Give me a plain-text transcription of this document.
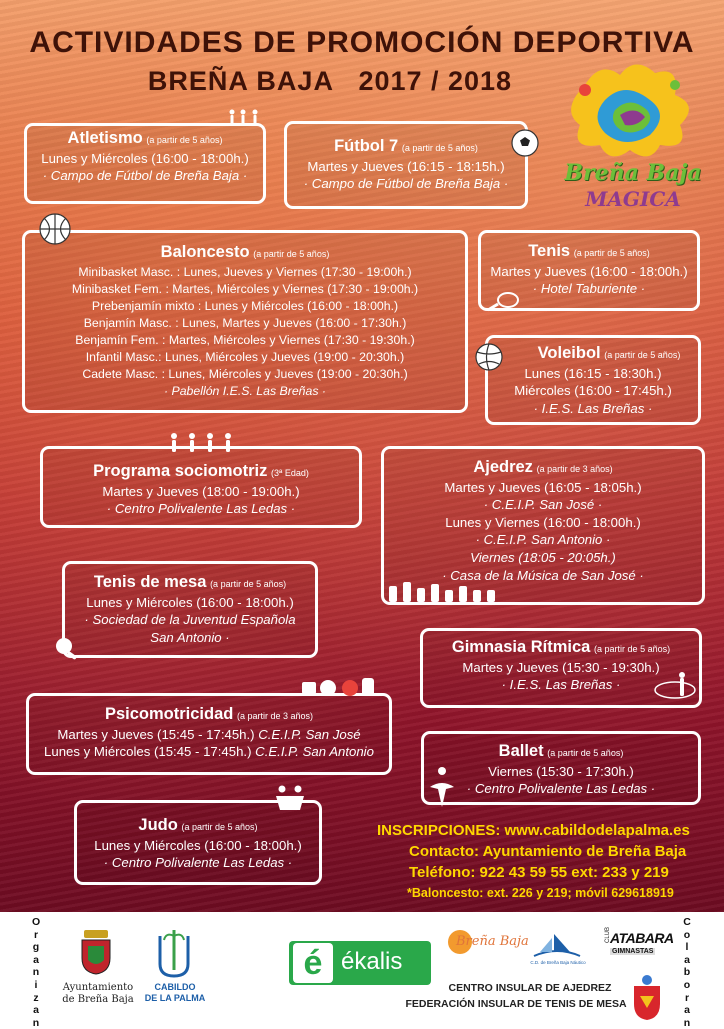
ACTIVIDADES DE PROMOCIÓN DEPORTIVA
BREÑA BAJA   2017 / 2018
Breña Baja
MAGICA
Atletismo (a partir de 5 años)
Lunes y Miércoles (16:00 - 18:00h.)
· Campo de Fútbol de Breña Baja ·
Fútbol 7 (a partir de 5 años)
Martes y Jueves (16:15 - 18:15h.)
· Campo de Fútbol de Breña Baja ·
Baloncesto (a partir de 5 años)
Minibasket Masc. : Lunes, Jueves y Viernes (17:30 - 19:00h.)
Minibasket Fem. : Martes, Miércoles y Viernes (17:30 - 19:00h.)
Prebenjamín mixto : Lunes y Miércoles (16:00 - 18:00h.)
Benjamín Masc. : Lunes, Martes y Jueves (16:00 - 17:30h.)
Benjamín Fem. : Martes, Miércoles y Viernes (17:30 - 19:30h.)
Infantil Masc.: Lunes, Miércoles y Jueves (19:00 - 20:30h.)
Cadete Masc. : Lunes, Miércoles y Jueves (19:00 - 20:30h.)
· Pabellón I.E.S. Las Breñas ·
Tenis (a partir de 5 años)
Martes y Jueves (16:00 - 18:00h.)
· Hotel Taburiente ·
Voleibol (a partir de 5 años)
Lunes (16:15 - 18:30h.)
Miércoles (16:00 - 17:45h.)
· I.E.S. Las Breñas ·
Programa sociomotriz (3ª Edad)
Martes y Jueves (18:00 - 19:00h.)
· Centro Polivalente Las Ledas ·
Ajedrez (a partir de 3 años)
Martes y Jueves (16:05 - 18:05h.)
· C.E.I.P. San José ·
Lunes y Viernes (16:00 - 18:00h.)
· C.E.I.P. San Antonio ·
Viernes (18:05 - 20:05h.)
· Casa de la Música de San José ·
Tenis de mesa (a partir de 5 años)
Lunes y Miércoles (16:00 - 18:00h.)
· Sociedad de la Juventud Española
San Antonio ·
Gimnasia Rítmica (a partir de 5 años)
Martes y Jueves (15:30 - 19:30h.)
· I.E.S. Las Breñas ·
Psicomotricidad (a partir de 3 años)
Martes y Jueves (15:45 - 17:45h.) C.E.I.P. San José
Lunes y Miércoles (15:45 - 17:45h.) C.E.I.P. San Antonio	Ballet (a partir de 5 años)
Viernes (15:30 - 17:30h.)
· Centro Polivalente Las Ledas ·
Judo (a partir de 5 años)
Lunes y Miércoles (16:00 - 18:00h.)
· Centro Polivalente Las Ledas ·
INSCRIPCIONES: www.cabildodelapalma.es
Contacto: Ayuntamiento de Breña Baja
Teléfono: 922 43 59 55 ext: 233 y 219
*Baloncesto: ext. 226 y 219; móvil 629618919
Organizan
Ayuntamiento
de Breña Baja
CABILDO
DE LA PALMA
é ékalis
Breña Baja
C.D. de Breña Baja Náutico
CLUB
ATABARA
GIMNASTAS
CENTRO INSULAR DE AJEDREZ
FEDERACIÓN INSULAR DE TENIS DE MESA
Colaboran
